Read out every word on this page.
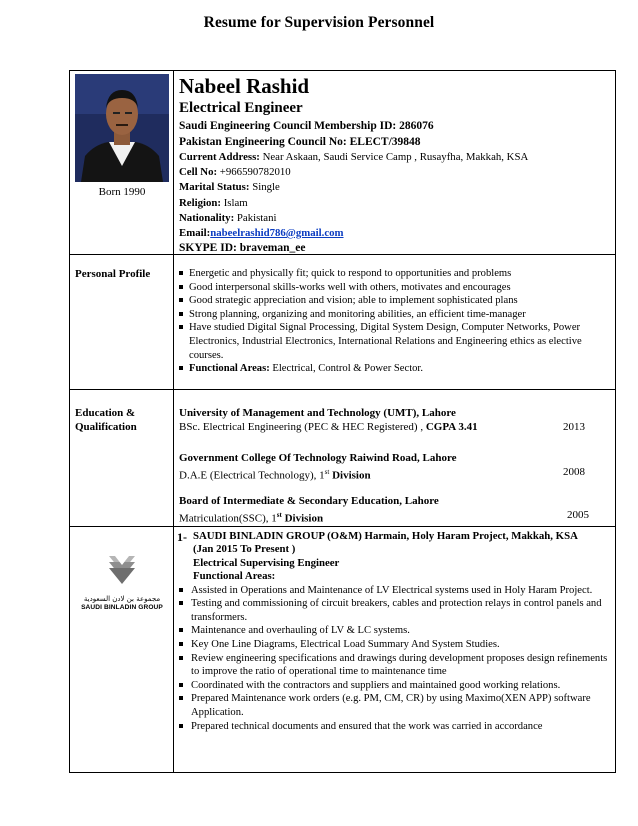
Resume for Supervision Personnel
Born 1990
Nabeel Rashid
Electrical Engineer
Saudi Engineering Council Membership ID: 286076
Pakistan Engineering Council No: ELECT/39848
Current Address: Near Askaan, Saudi Service Camp , Rusayfha, Makkah, KSA
Cell No: +966590782010
Marital Status: Single
Religion: Islam
Nationality: Pakistani
Email:nabeelrashid786@gmail.com
SKYPE ID: braveman_ee
Personal Profile	Energetic and physically fit; quick to respond to opportunities and problems
Good interpersonal skills-works well with others, motivates and encourages
Good strategic appreciation and vision; able to implement sophisticated plans
Strong planning, organizing and monitoring abilities, an efficient time-manager
Have studied Digital Signal Processing, Digital System Design, Computer Networks, Power Electronics, Industrial Electronics, International Relations and Engineering ethics as elective courses.
Functional Areas: Electrical, Control & Power Sector.
Education &
Qualification
University of Management and Technology (UMT), Lahore
BSc. Electrical Engineering (PEC & HEC Registered) , CGPA 3.41	2013
Government College Of Technology Raiwind Road, Lahore
D.A.E (Electrical Technology), 1st Division	2008
Board of Intermediate & Secondary Education, Lahore
Matriculation(SSC), 1st Division	2005
مجموعة بن لادن السعودية
SAUDI BINLADIN GROUP
1- SAUDI BINLADIN GROUP (O&M) Harmain, Holy Haram Project, Makkah, KSA
(Jan 2015 To Present )
Electrical Supervising Engineer
Functional Areas:
Assisted in Operations and Maintenance of LV Electrical systems used in Holy Haram Project.
Testing and commissioning of circuit breakers, cables and protection relays in control panels and transformers.
Maintenance and overhauling of LV & LC systems.
Key One Line Diagrams, Electrical Load Summary And System Studies.
Review engineering specifications and drawings during development proposes design refinements to improve the ratio of operational time to maintenance time
Coordinated with the contractors and suppliers and maintained good working relations.
Prepared Maintenance work orders (e.g. PM, CM, CR) by using Maximo(XEN APP) software Application.
Prepared technical documents and ensured that the work was carried in accordance
